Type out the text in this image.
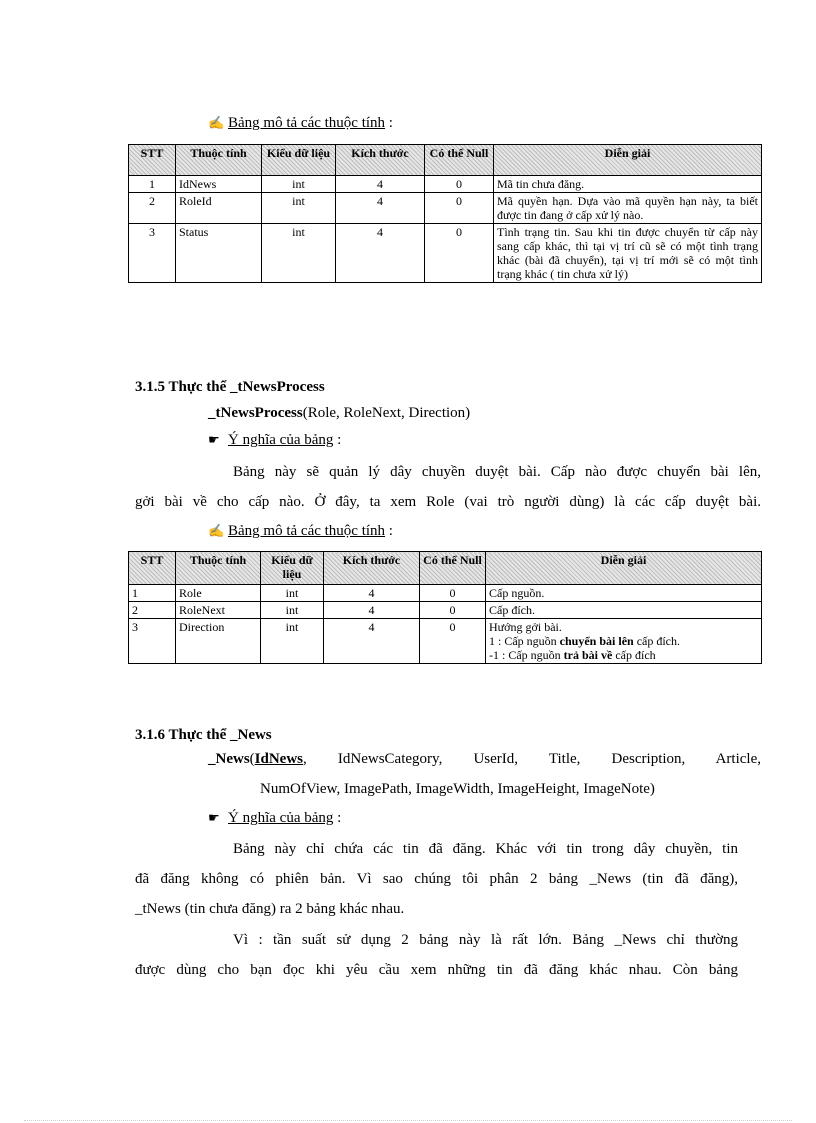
✍ Bảng mô tả các thuộc tính :
STT	Thuộc tính	Kiểu dữ liệu	Kích thước	Có thể Null	Diễn giải
1	IdNews	int	4	0	Mã tin chưa đăng.
2	RoleId	int	4	0	Mã quyền hạn. Dựa vào mã quyền hạn này, ta biết được tin đang ở cấp xử lý nào.
3	Status	int	4	0	Tình trạng tin. Sau khi tin được chuyển từ cấp này sang cấp khác, thì tại vị trí cũ sẽ có một tình trạng khác (bài đã chuyển), tại vị trí mới sẽ có một tình trạng khác ( tin chưa xử lý)
3.1.5 Thực thể _tNewsProcess
_tNewsProcess(Role, RoleNext, Direction)
☛ Ý nghĩa của bảng :
Bảng này sẽ quản lý dây chuyền duyệt bài. Cấp nào được chuyển bài lên,
gởi bài về cho cấp nào. Ở đây, ta xem Role (vai trò người dùng) là các cấp duyệt bài.
✍ Bảng mô tả các thuộc tính :
STT	Thuộc tính	Kiểu dữ liệu	Kích thước	Có thể Null	Diễn giải
1	Role	int	4	0	Cấp nguồn.
2	RoleNext	int	4	0	Cấp đích.
3	Direction	int	4	0	Hướng gởi bài.
1 : Cấp nguồn chuyển bài lên cấp đích.
-1 : Cấp nguồn trả bài về cấp đích
3.1.6 Thực thể _News
_News(IdNews, IdNewsCategory, UserId, Title, Description, Article,
NumOfView, ImagePath, ImageWidth, ImageHeight, ImageNote)
☛ Ý nghĩa của bảng :
Bảng này chỉ chứa các tin đã đăng. Khác với tin trong dây chuyền, tin
đã đăng không có phiên bản. Vì sao chúng tôi phân 2 bảng _News (tin đã đăng),
_tNews (tin chưa đăng) ra 2 bảng khác nhau.
Vì : tần suất sử dụng 2 bảng này là rất lớn. Bảng _News chỉ thường
được dùng cho bạn đọc khi yêu cầu xem những tin đã đăng khác nhau. Còn bảng
